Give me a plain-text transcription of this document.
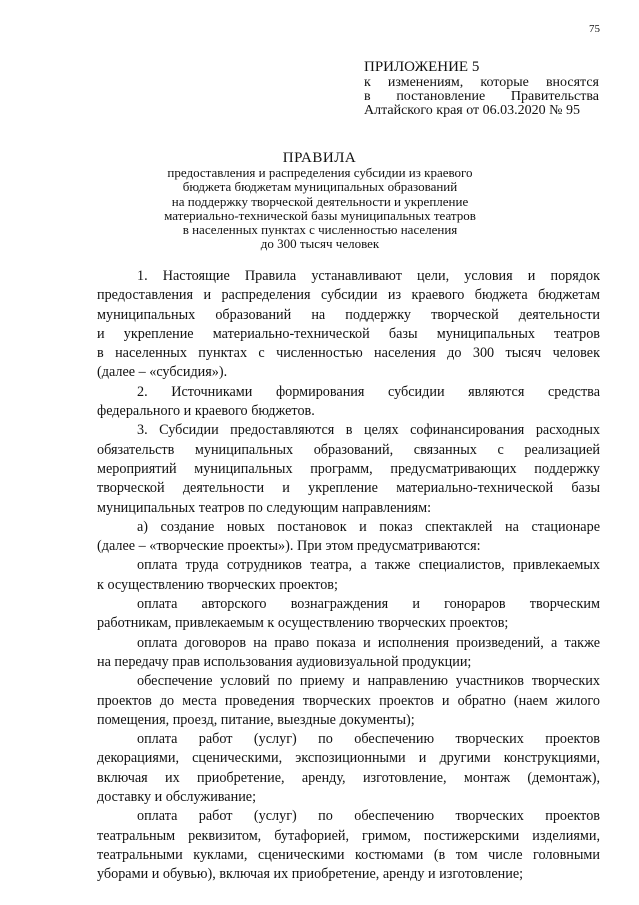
75
ПРИЛОЖЕНИЕ 5
к изменениям, которые вносятся
в постановление Правительства
Алтайского края от 06.03.2020 № 95
ПРАВИЛА
предоставления и распределения субсидии из краевого
бюджета бюджетам муниципальных образований
на поддержку творческой деятельности и укрепление
материально-технической базы муниципальных театров
в населенных пунктах с численностью населения
до 300 тысяч человек
1. Настоящие Правила устанавливают цели, условия и порядок
предоставления и распределения субсидии из краевого бюджета бюджетам
муниципальных образований на поддержку творческой деятельности
и укрепление материально-технической базы муниципальных театров
в населенных пунктах с численностью населения до 300 тысяч человек
(далее – «субсидия»).
2. Источниками формирования субсидии являются средства
федерального и краевого бюджетов.
3. Субсидии предоставляются в целях софинансирования расходных
обязательств муниципальных образований, связанных с реализацией
мероприятий муниципальных программ, предусматривающих поддержку
творческой деятельности и укрепление материально-технической базы
муниципальных театров по следующим направлениям:
а) создание новых постановок и показ спектаклей на стационаре
(далее – «творческие проекты»). При этом предусматриваются:
оплата труда сотрудников театра, а также специалистов, привлекаемых
к осуществлению творческих проектов;
оплата авторского вознаграждения и гонораров творческим
работникам, привлекаемым к осуществлению творческих проектов;
оплата договоров на право показа и исполнения произведений, а также
на передачу прав использования аудиовизуальной продукции;
обеспечение условий по приему и направлению участников творческих
проектов до места проведения творческих проектов и обратно (наем жилого
помещения, проезд, питание, выездные документы);
оплата работ (услуг) по обеспечению творческих проектов
декорациями, сценическими, экспозиционными и другими конструкциями,
включая их приобретение, аренду, изготовление, монтаж (демонтаж),
доставку и обслуживание;
оплата работ (услуг) по обеспечению творческих проектов
театральным реквизитом, бутафорией, гримом, постижерскими изделиями,
театральными куклами, сценическими костюмами (в том числе головными
уборами и обувью), включая их приобретение, аренду и изготовление;
